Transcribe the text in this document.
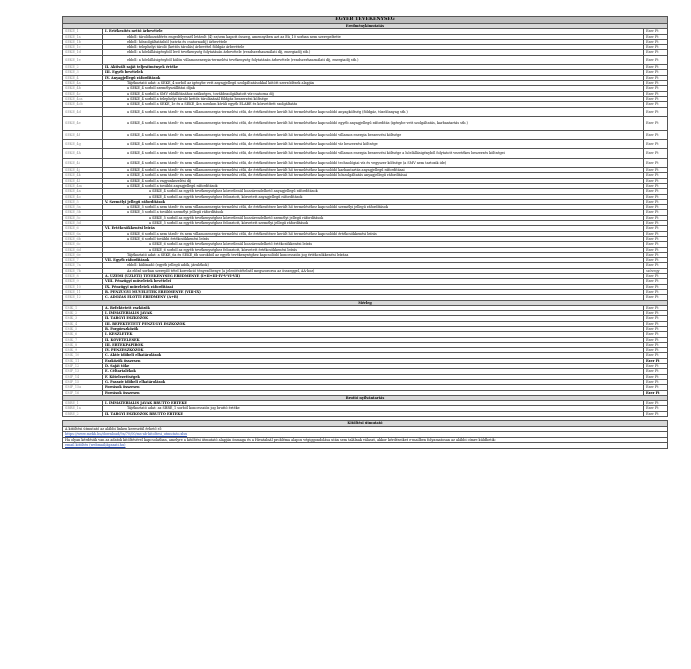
EGYÉB TEVÉKENYSÉG		
Eredménykimutatás		
SEKE_1	I. Értékesítés nettó árbevétele	Ezer Ft
SEKE_1a	ebből: tárolóhozzáférés engedélyesnél letárolt (4) sz/sem kapott összeg, amennyiben azt az Eü_10 sorban nem szerepeltette	Ezer Ft
SEKE_1b	ebből: hőszolgáltatásból (szivás és csatornadíj) árbevétele	Ezer Ft
SEKE_1c	ebből: telephelyi tároló (kettős tárolás) árbevétel földgáz árbevétele	Ezer Ft
SEKE_1d	ebből: a hőelállásigényből levő tevékenység folytatásán árbevétele (rendszerhasználati díj, energiadíj stb.)	Ezer Ft
SEKE_1e	ebből: a hőelállásigényből külön villamosenergia-termelési tevékenység folytatásán árbevétele (rendszerhasználati díj, energiadíj stb.)	Ezer Ft
SEKE_2	II. Aktivált saját teljesítmények értéke	Ezer Ft
SEKE_3	III. Egyéb bevételek	Ezer Ft
SEKE_4	IV. Anyagjellegű ráfordítások	Ezer Ft
SEKE_4a	Tájékoztató adat: a SEKE_4 sorból az igénybe vett anyagjellegű szolgáltatásokkal kötött szerződések alapján	Ezer Ft
SEKE_4b	a SEKE_4 sorból személyszállítási díjak	Ezer Ft
SEKE_4c	a SEKE_4 sorból a SMV előállításához szükséges, továbbszolgáltatott víz-csatorna díj	Ezer Ft
SEKE_4ca	a SEKE_4 sorból a telephelyi tároló kettős tárolásánál földgáz beszerzési költsége	Ezer Ft
SEKE_4cb	a SEKE_4 sorból a SEKE_1e és a SEKE_4cs sorokon kívüli egyéb ELÁBÉ és közvetített szolgáltatás	Ezer Ft
SEKE_4d	a SEKE_4 sorból a nem tárolt- és nem villamosenergia-termelési célú, de értékesítésre került hő termeléséhez kapcsolódó anyagköltség (földgáz, tüzelőanyag stb.)	Ezer Ft
SEKE_4e	a SEKE_4 sorból a nem tárolt- és nem villamosenergia-termelési célú, de értékesítésre került hő termeléséhez kapcsolódó egyéb anyagjellegű ráfordítás (igénybe vett szolgáltatás, karbantartás stb.)	Ezer Ft
SEKE_4f	a SEKE_4 sorból a nem tárolt- és nem villamosenergia-termelési célú, de értékesítésre került hő termeléséhez kapcsolódó villamos energia beszerzési költsége	Ezer Ft
SEKE_4g	a SEKE_4 sorból a nem tárolt- és nem villamosenergia-termelési célú, de értékesítésre került hő termeléséhez kapcsolódó víz beszerzési költsége	Ezer Ft
SEKE_4h	a SEKE_4 sorból a nem tárolt- és nem villamosenergia-termelési célú, de értékesítésre került hő termeléséhez kapcsolódó villamos energia beszerzési költsége a hőelállásigényből folytatott vezetékes beszerzés költségei	Ezer Ft
SEKE_4i	a SEKE_4 sorból a nem tárolt- és nem villamosenergia-termelési célú, de értékesítésre került hő termeléséhez kapcsolódó technológiai víz és vegyszer költsége (a SMV nem tartozik ide)	Ezer Ft
SEKE_4j	a SEKE_4 sorból a nem tárolt- és nem villamosenergia-termelési célú, de értékesítésre került hő termeléséhez kapcsolódó karbantartás anyagjellegű ráfordításai	Ezer Ft
SEKE_4k	a SEKE_4 sorból a nem tárolt- és nem villamosenergia-termelési célú, de értékesítésre került hő termeléséhez kapcsolódó hőszolgáltatás anyagjellegű ráfordításai	Ezer Ft
SEKE_4l	a SEKE_4 sorból a vagyonkezelési díj	Ezer Ft
SEKE_4m	a SEKE_4 sorból a további anyagjellegű ráfordítások	Ezer Ft
SEKE_4n	a SEKE_4 sorból az egyéb tevékenységhez közvetlenül hozzárendelhető anyagjellegű ráfordítások	Ezer Ft
SEKE_4o	a SEKE_4 sorból az egyéb tevékenységhez felosztott, közvetett anyagjellegű ráfordítások	Ezer Ft
SEKE_5	V. Személyi jellegű ráfordítások	Ezer Ft
SEKE_5a	a SEKE_5 sorból a nem tárolt- és nem villamosenergia-termelési célú, de értékesítésre került hő termeléséhez kapcsolódó személyi jellegű ráfordítások	Ezer Ft
SEKE_5b	a SEKE_5 sorból a további személyi jellegű ráfordítások	Ezer Ft
SEKE_5c	a SEKE_5 sorból az egyéb tevékenységhez közvetlenül hozzárendelhető személyi jellegű ráfordítások	Ezer Ft
SEKE_5d	a SEKE_5 sorból az egyéb tevékenységhez felosztott, közvetett személyi jellegű ráfordítások	Ezer Ft
SEKE_6	VI. Értékcsökkenési leírás	Ezer Ft
SEKE_6a	a SEKE_6 sorból a nem tárolt- és nem villamosenergia-termelési célú, de értékesítésre került hő termeléséhez kapcsolódó értékcsökkenési leírás	Ezer Ft
SEKE_6b	a SEKE_6 sorból további értékcsökkenési leírás	Ezer Ft
SEKE_6c	a SEKE_6 sorból az egyéb tevékenységhez közvetlenül hozzárendelhető értékcsökkenési leírás	Ezer Ft
SEKE_6d	a SEKE_6 sorból az egyéb tevékenységhez felosztott, közvetett értékcsökkenési leírás	Ezer Ft
SEKE_6e	Tájékoztató adat: a SEKE_6a és SEKE_6b sorokból az egyéb tevékenységhez kapcsolódó koncessziós jog értékcsökkenési leírása	Ezer Ft
SEKE_7	VII. Egyéb ráfordítások	Ezer Ft
SEKE_7a	ebből: különadó (egyéb jellegű adók, járulékok)	Ezer Ft
SEKE_7b	Az előző sorban szereplő tétel korrekció tényezőbenye (a jelentéstételnél megszorozva az összeggel, ∆A-hoz)	szövegy
SEKE_8	A. ÜZEMI (ÜZLETI) TEVÉKENYSÉG EREDMÉNYE (I+II+III-IV-V-VI-VII)	Ezer Ft
SEKE_9	VIII. Pénzügyi műveletek bevételei	Ezer Ft
SEKE_10	IX. Pénzügyi műveletek ráfordításai	Ezer Ft
SEKE_11	B. PÉNZÜGYI MŰVELETEK EREDMÉNYE (VIII-IX)	Ezer Ft
SEKE_12	C. ADÓZÁS ELŐTTI EREDMÉNY (A+B)	Ezer Ft
Mérleg		
SMK_1	A. Befektetett eszközök	Ezer Ft
SMK_2	I. IMMATERIÁLIS JAVAK	Ezer Ft
SMK_3	II. TÁRGYI ESZKÖZÖK	Ezer Ft
SMK_4	III. BEFEKTETETT PÉNZÜGYI ESZKÖZÖK	Ezer Ft
SMK_5	B. Forgóeszközök	Ezer Ft
SMK_6	I. KÉSZLETEK	Ezer Ft
SMK_7	II. KÖVETELÉSEK	Ezer Ft
SMK_8	III. ÉRTÉKPAPÍROK	Ezer Ft
SMK_9	IV. PÉNZESZKÖZÖK	Ezer Ft
SMK_10	C. Aktív időbeli elhatárolások	Ezer Ft
SMK_11	Eszközök összesen	Ezer Ft
SMF_12	D. Saját tőke	Ezer Ft
SMF_13	E. Céltartalékok	Ezer Ft
SMF_14	F. Kötelezettségek	Ezer Ft
SMF_15	G. Passzív időbeli elhatárolások	Ezer Ft
SMF_15a	Források összesen	Ezer Ft
SMF_16	Források összesen	Ezer Ft
Bruttó nyilvántartás		
SBRE_1	I. IMMATERIÁLIS JAVAK BRUTTÓ ÉRTÉKE	Ezer Ft
SBRE_1a	Tájékoztató adat: az SBRE_1 sorból koncessziós jog bruttó értéke	Ezer Ft
SBRE_2	II. TÁRGYI ESZKÖZÖK BRUTTÓ ÉRTÉKE	Ezer Ft
Kitöltési útmutató
A kitöltési útmutató az alábbi linken keresztül érhető el:
https://www.mekh.hu/download/9a/70/00/ms-ab-kitoltesi_utmutato.xlsx
Ha olyan kérdésük van az adatok kitöltésével kapcsolatban, amelyre a kitöltési útmutató alapján önmaga és a Hivatalnál probléma alapos végiggondolása után sem találnak választ, akkor kérdéseiket e-mailben folyamatosan az alábbi címre küldhetik:
email kitöltés (webmail/ágazati.hu)
